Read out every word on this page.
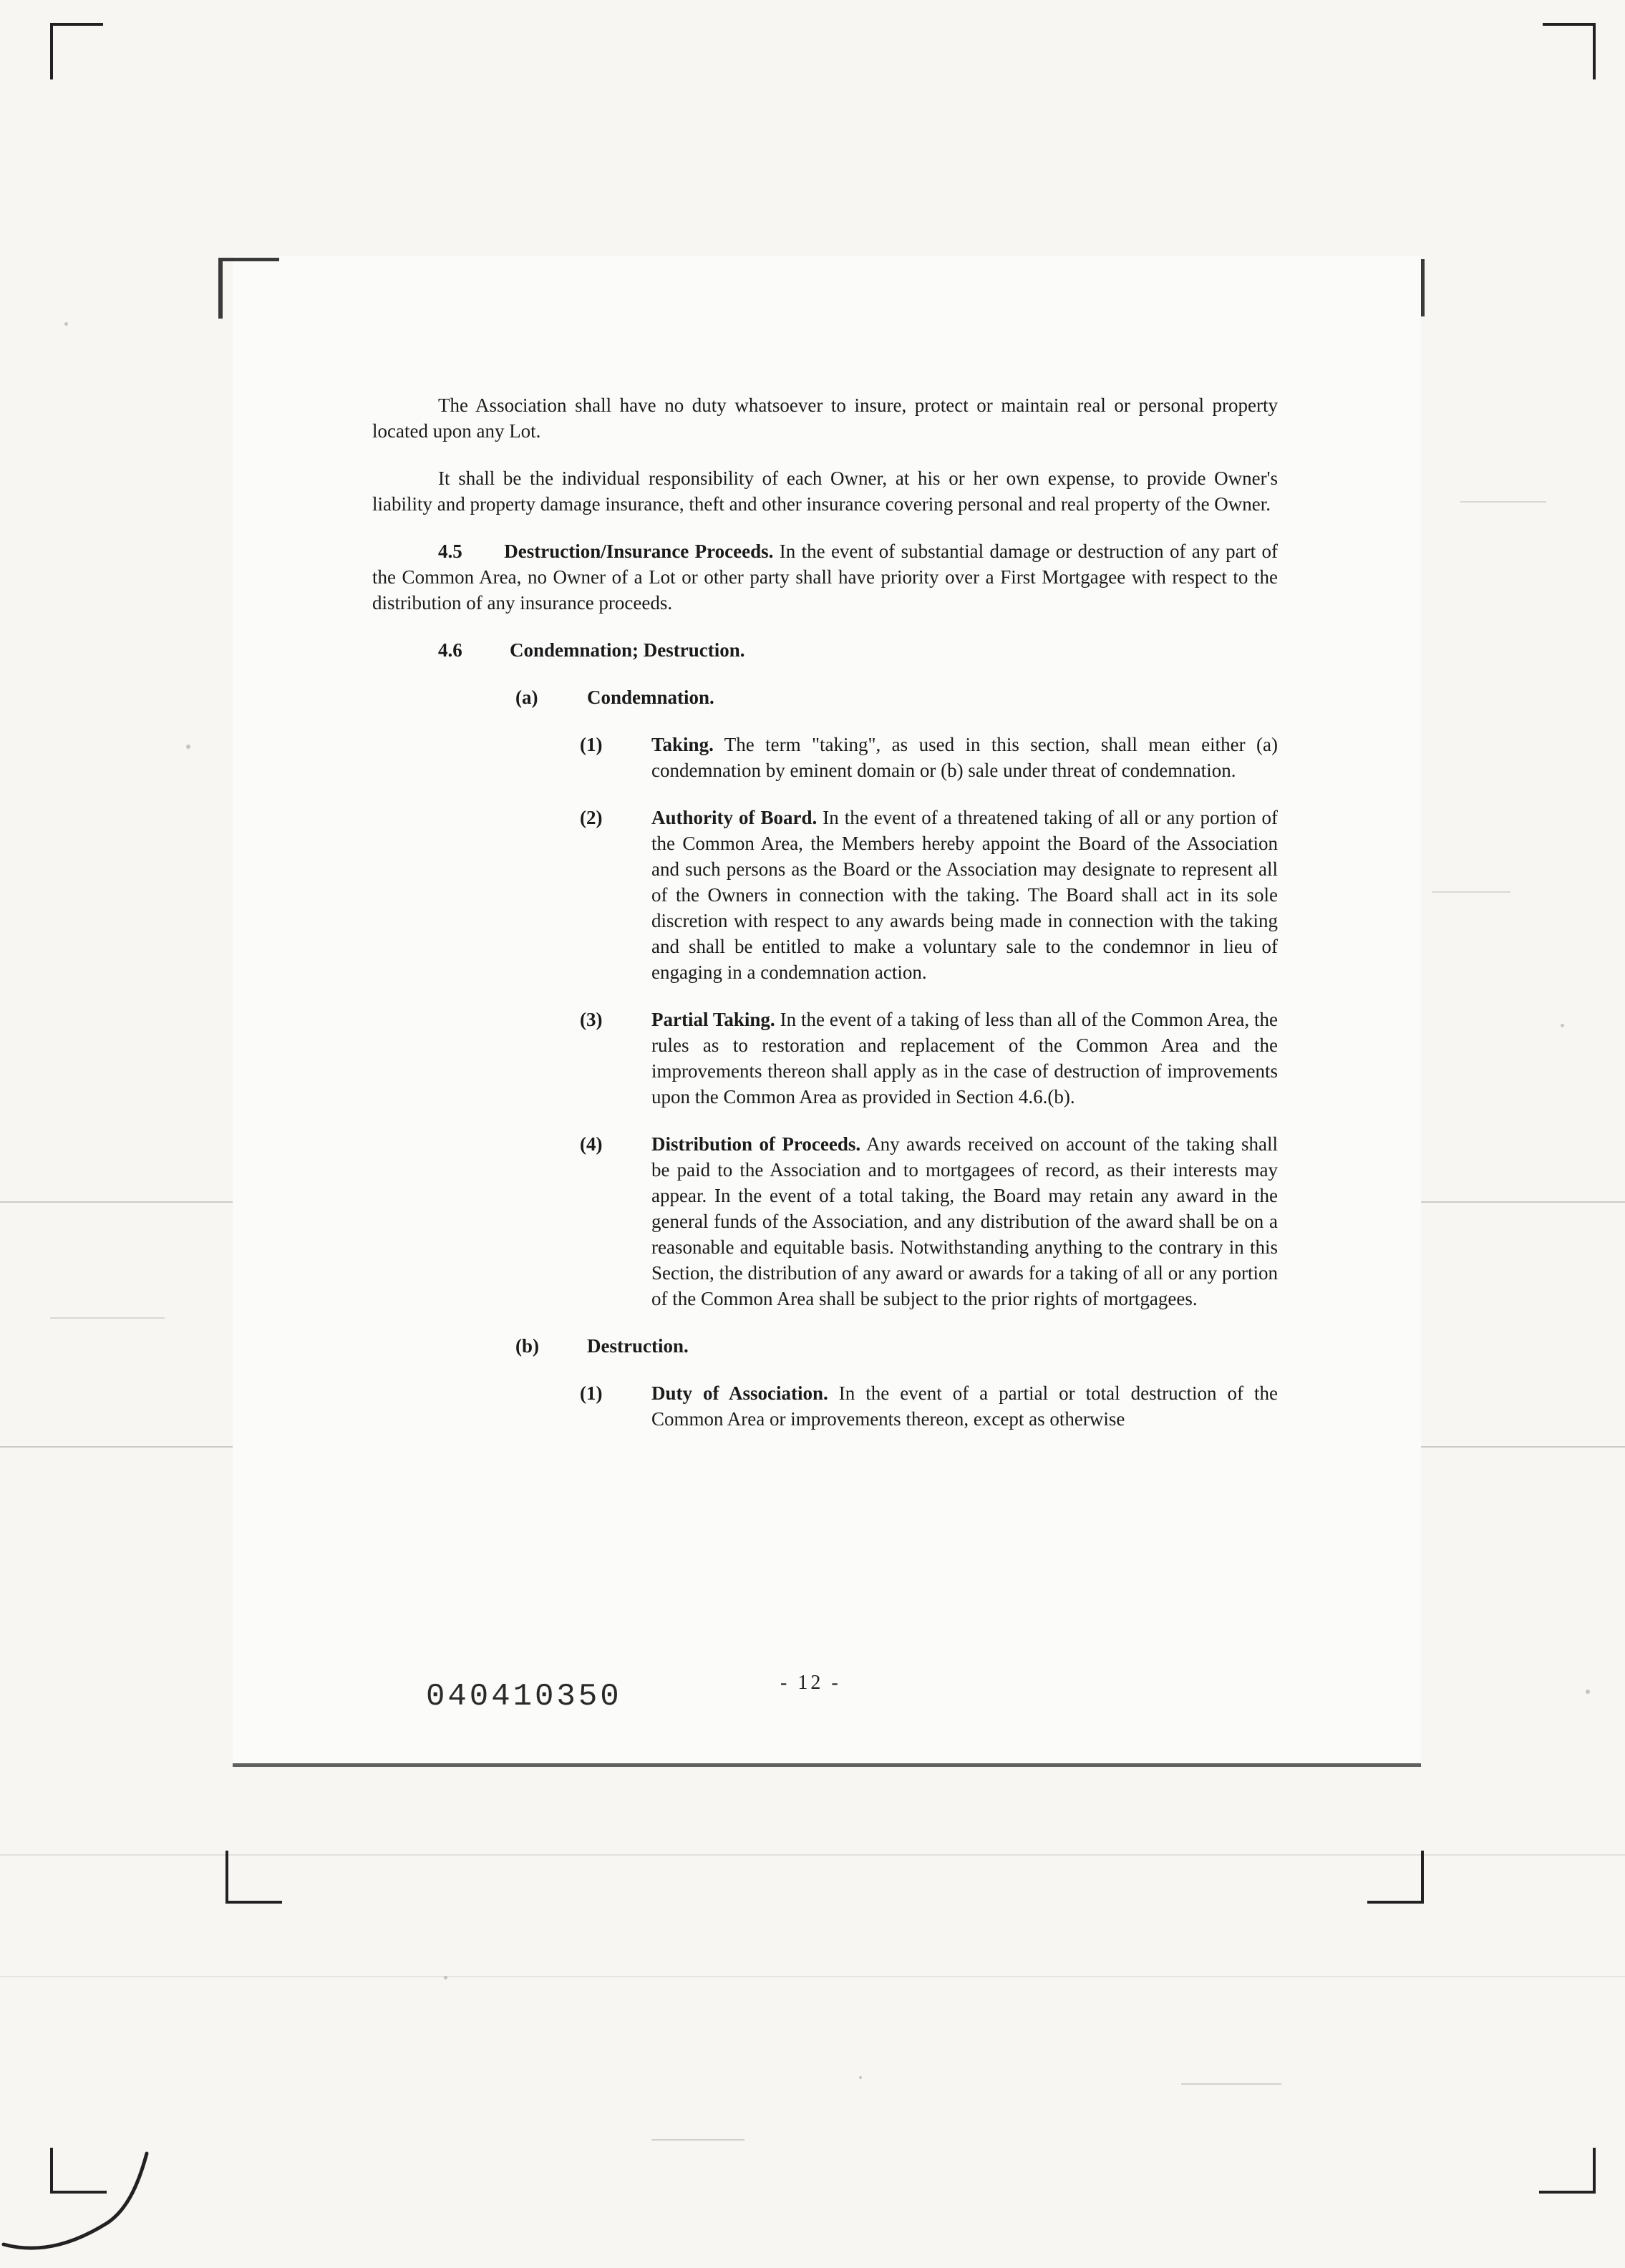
The Association shall have no duty whatsoever to insure, protect or maintain real or personal property located upon any Lot.

It shall be the individual responsibility of each Owner, at his or her own expense, to provide Owner's liability and property damage insurance, theft and other insurance covering personal and real property of the Owner.

4.5 Destruction/Insurance Proceeds. In the event of substantial damage or destruction of any part of the Common Area, no Owner of a Lot or other party shall have priority over a First Mortgagee with respect to the distribution of any insurance proceeds.

4.6	Condemnation; Destruction.
(a)	Condemnation.
(1)	Taking. The term "taking", as used in this section, shall mean either (a) condemnation by eminent domain or (b) sale under threat of condemnation.
(2)	Authority of Board. In the event of a threatened taking of all or any portion of the Common Area, the Members hereby appoint the Board of the Association and such persons as the Board or the Association may designate to represent all of the Owners in connection with the taking. The Board shall act in its sole discretion with respect to any awards being made in connection with the taking and shall be entitled to make a voluntary sale to the condemnor in lieu of engaging in a condemnation action.
(3)	Partial Taking. In the event of a taking of less than all of the Common Area, the rules as to restoration and replacement of the Common Area and the improvements thereon shall apply as in the case of destruction of improvements upon the Common Area as provided in Section 4.6.(b).
(4)	Distribution of Proceeds. Any awards received on account of the taking shall be paid to the Association and to mortgagees of record, as their interests may appear. In the event of a total taking, the Board may retain any award in the general funds of the Association, and any distribution of the award shall be on a reasonable and equitable basis. Notwithstanding anything to the contrary in this Section, the distribution of any award or awards for a taking of all or any portion of the Common Area shall be subject to the prior rights of mortgagees.
(b)	Destruction.
(1)	Duty of Association. In the event of a partial or total destruction of the Common Area or improvements thereon, except as otherwise
- 12 -
040410350
